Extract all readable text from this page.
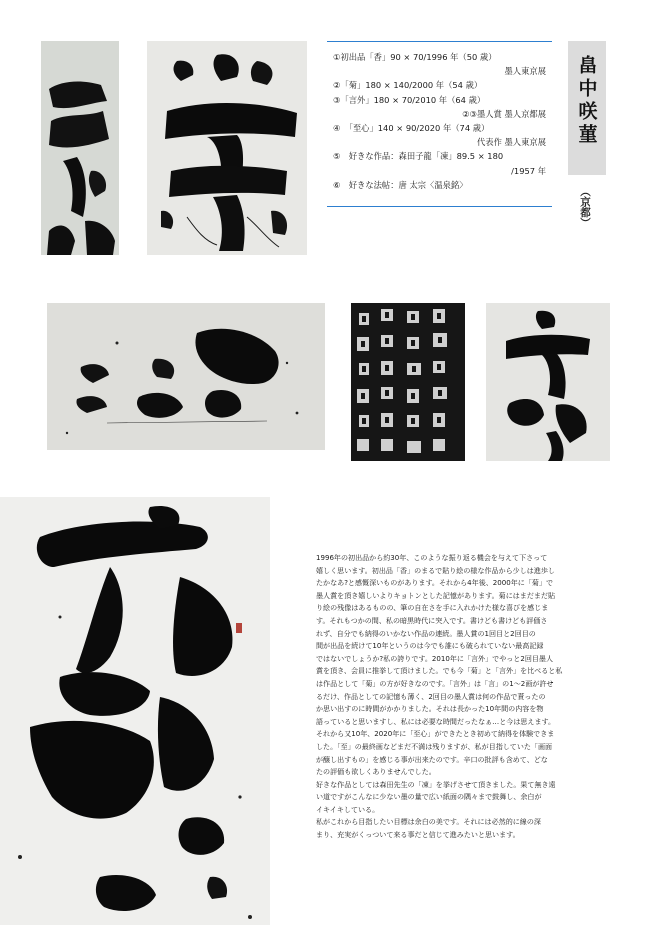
①初出品「香」90 × 70/1996 年（50 歳）
墨人東京展
②「菊」180 × 140/2000 年（54 歳）
③「言外」180 × 70/2010 年（64 歳）
②③墨人賞 墨人京都展
④　「至心」140 × 90/2020 年（74 歳）
代表作 墨人東京展
⑤　好きな作品：森田子龍「凍」89.5 × 180
/1957 年
⑥　好きな法帖：唐 太宗〈温泉銘〉
畠中咲菫
（京都）

1996年の初出品から約30年、このような振り返る機会を与えて下さって

嬉しく思います。初出品「香」のまるで貼り絵の様な作品から少しは進歩し

たかなあ?と感慨深いものがあります。それから4年後、2000年に「菊」で

墨人賞を頂き嬉しいよりキョトンとした記憶があります。菊にはまだまだ貼

り絵の残像はあるものの、筆の自在さを手に入れかけた様な喜びを感じま

す。それもつかの間、私の暗黒時代に突入です。書けども書けども評価さ

れず、自分でも納得のいかない作品の連続。墨人賞の1回目と2回目の

間が出品を続けて10年というのは今でも誰にも破られていない最高記録

ではないでしょうか?私の誇りです。2010年に「言外」でやっと2回目墨人

賞を頂き、会員に推挙して頂けました。でも今「菊」と「言外」を比べると私

は作品として「菊」の方が好きなのです。「言外」は「言」の1～2画が許せ

るだけ、作品としての記憶も薄く、2回目の墨人賞は何の作品で貰ったの

か思い出すのに時間がかかりました。それは長かった10年間の内容を物

語っていると思いますし、私には必要な時間だったなぁ…と今は思えます。

それから又10年、2020年に「至心」ができたとき初めて納得を体験できま

した。「至」の最終画などまだ不満は残りますが、私が目指していた「画面

が醸し出すもの」を感じる事が出来たのです。辛口の批評も含めて、どな

たの評価も欲しくありませんでした。

好きな作品としては森田先生の「凍」を挙げさせて頂きました。果て無き遠

い道ですがこんなに少ない墨の量で広い紙面の隅々まで鼓舞し、余白が

イキイキしている。

私がこれから目指したい目標は余白の美です。それには必然的に線の深

まり、充実がくっついて来る事だと信じて進みたいと思います。
